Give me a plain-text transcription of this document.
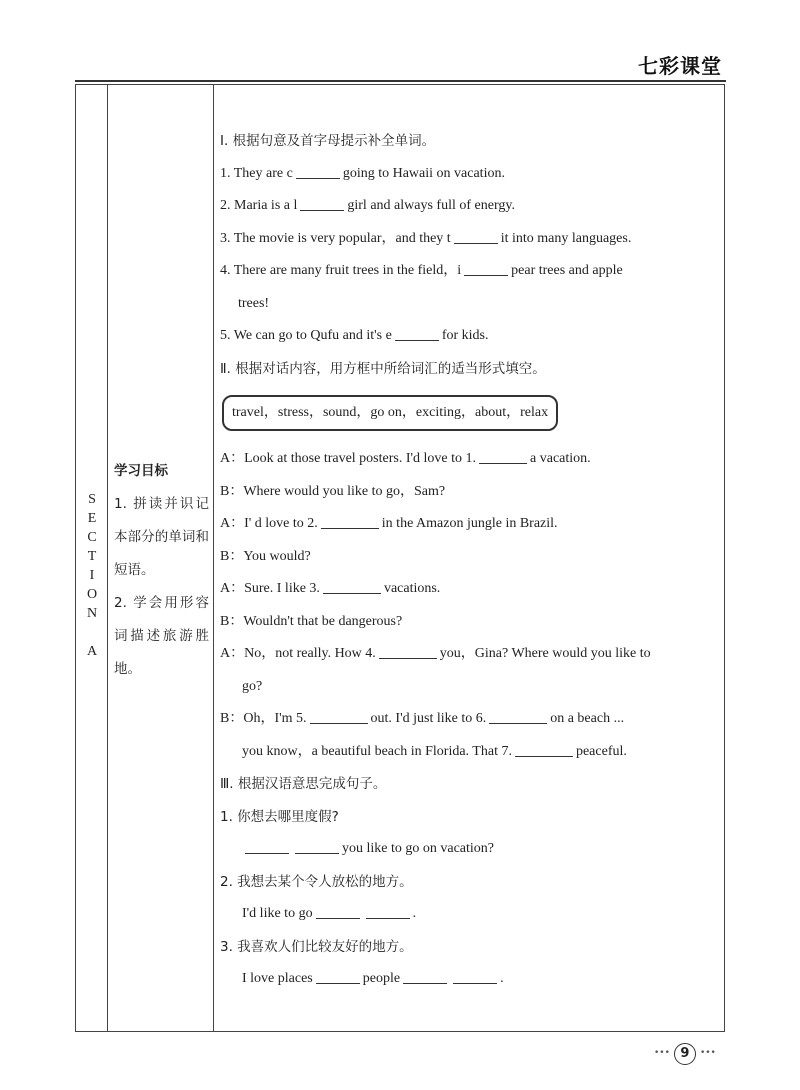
七彩课堂
S
E
C
T
I
O
N

A
学习目标
1. 拼读并识记本部分的单词和短语。
2. 学会用形容词描述旅游胜地。
Ⅰ. 根据句意及首字母提示补全单词。
1. They are c	going to Hawaii on vacation.
2. Maria is a l	girl and always full of energy.
3. The movie is very popular，and they t	it into many languages.
4. There are many fruit trees in the field，i	pear trees and apple
trees!
5. We can go to Qufu and it's e	for kids.
Ⅱ. 根据对话内容，用方框中所给词汇的适当形式填空。
travel，stress，sound，go on，exciting，about，relax
A：Look at those travel posters. I'd love to 1.	a vacation.
B：Where would you like to go，Sam?
A：I' d love to 2.	in the Amazon jungle in Brazil.
B：You would?
A：Sure. I like 3.	vacations.
B：Wouldn't that be dangerous?
A：No，not really. How 4.	you，Gina? Where would you like to
go?
B：Oh，I'm 5.	out. I'd just like to 6.	on a beach ...
you know，a beautiful beach in Florida. That 7.	peaceful.
Ⅲ. 根据汉语意思完成句子。
1. 你想去哪里度假?
you like to go on vacation?
2. 我想去某个令人放松的地方。
I'd like to go	.
3. 我喜欢人们比较友好的地方。
I love places	people	.
••• 9 •••
